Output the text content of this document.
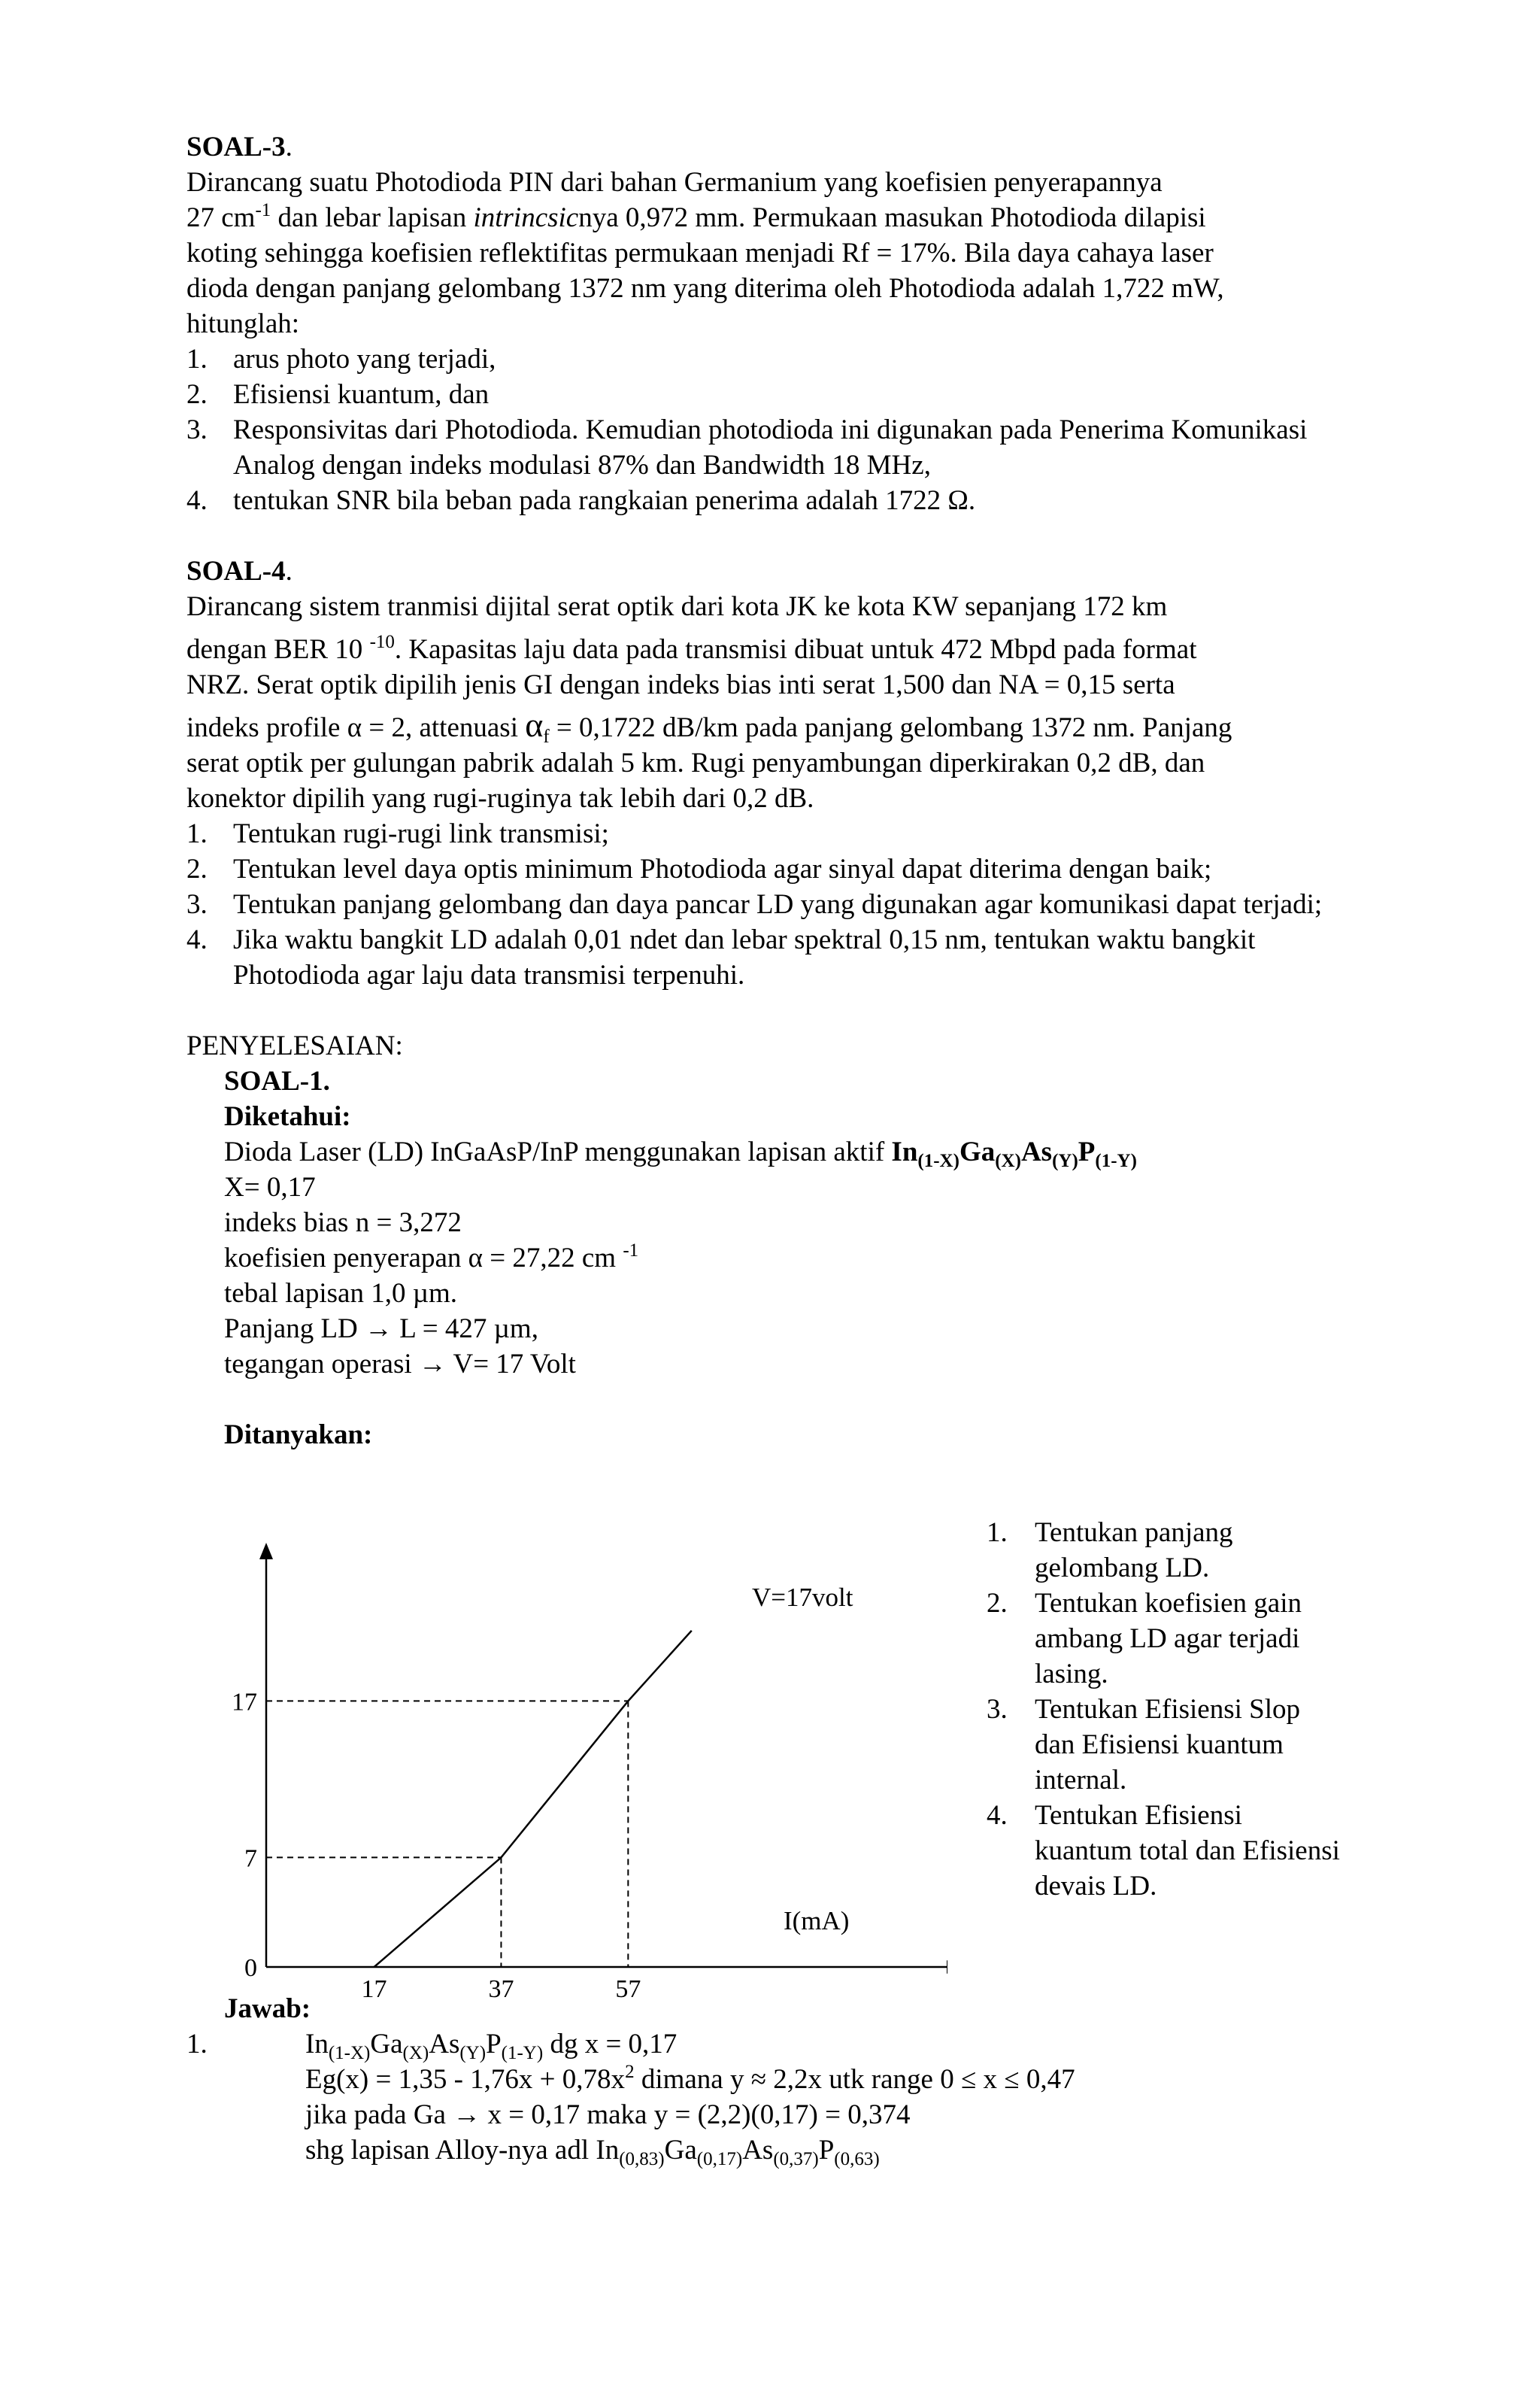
SOAL-3.
Dirancang suatu Photodioda PIN dari bahan Germanium yang koefisien penyerapannya
27 $cm^{-1}$ dan lebar lapisan intrincsicnya 0,972 mm. Permukaan masukan Photodioda dilapisi
koting sehingga koefisien reflektifitas permukaan menjadi Rf = 17%. Bila daya cahaya laser
dioda dengan panjang gelombang 1372 nm yang diterima oleh Photodioda adalah 1,722 mW,
hitunglah:
1. arus photo yang terjadi,
2. Efisiensi kuantum, dan
3. Responsivitas dari Photodioda. Kemudian photodioda ini digunakan pada Penerima Komunikasi Analog dengan indeks modulasi 87% dan Bandwidth 18 MHz,
4. tentukan SNR bila beban pada rangkaian penerima adalah 1722 Ω.
SOAL-4.
Dirancang sistem tranmisi dijital serat optik dari kota JK ke kota KW sepanjang 172 km
dengan BER 10 $^{-10}$. Kapasitas laju data pada transmisi dibuat untuk 472 Mbpd pada format
NRZ. Serat optik dipilih jenis GI dengan indeks bias inti serat 1,500 dan NA = 0,15 serta
indeks profile α = 2, attenuasi $\alpha_f = 0,1722$ dB/km pada panjang gelombang 1372 nm. Panjang
serat optik per gulungan pabrik adalah 5 km. Rugi penyambungan diperkirakan 0,2 dB, dan
konektor dipilih yang rugi-ruginya tak lebih dari 0,2 dB.
1. Tentukan rugi-rugi link transmisi;
2. Tentukan level daya optis minimum Photodioda agar sinyal dapat diterima dengan baik;
3. Tentukan panjang gelombang dan daya pancar LD yang digunakan agar komunikasi dapat terjadi;
4. Jika waktu bangkit LD adalah 0,01 ndet dan lebar spektral 0,15 nm, tentukan waktu bangkit Photodioda agar laju data transmisi terpenuhi.
PENYELESAIAN:
SOAL-1.
Diketahui:
Dioda Laser (LD) InGaAsP/InP menggunakan lapisan aktif $In_{(1-X)}Ga_{(X)}As_{(Y)}P_{(1-Y)}$
X= 0,17
indeks bias n = 3,272
koefisien penyerapan α = 27,22 cm $^{-1}$
tebal lapisan 1,0 µm.
Panjang LD → L = 427 µm,
tegangan operasi → V= 17 Volt
Ditanyakan:
Jawab:
1.	$In_{(1-X)}Ga_{(X)}As_{(Y)}P_{(1-Y)}$ dg x = 0,17
$Eg(x) = 1,35 - 1,76x + 0,78x^2$ dimana y ≈ 2,2x utk range 0 ≤ x ≤ 0,47
jika pada Ga → x = 0,17 maka y = (2,2)(0,17) = 0,374
shg lapisan Alloy-nya adl $In_{(0,83)}Ga_{(0,17)}As_{(0,37)}P_{(0,63)}$
0
7
17
17	37	57
V=17volt
I(mA)
1. Tentukan panjang gelombang LD.
2. Tentukan koefisien gain ambang LD agar terjadi lasing.
3. Tentukan Efisiensi Slop dan Efisiensi kuantum internal.
4. Tentukan Efisiensi kuantum total dan Efisiensi devais LD.
